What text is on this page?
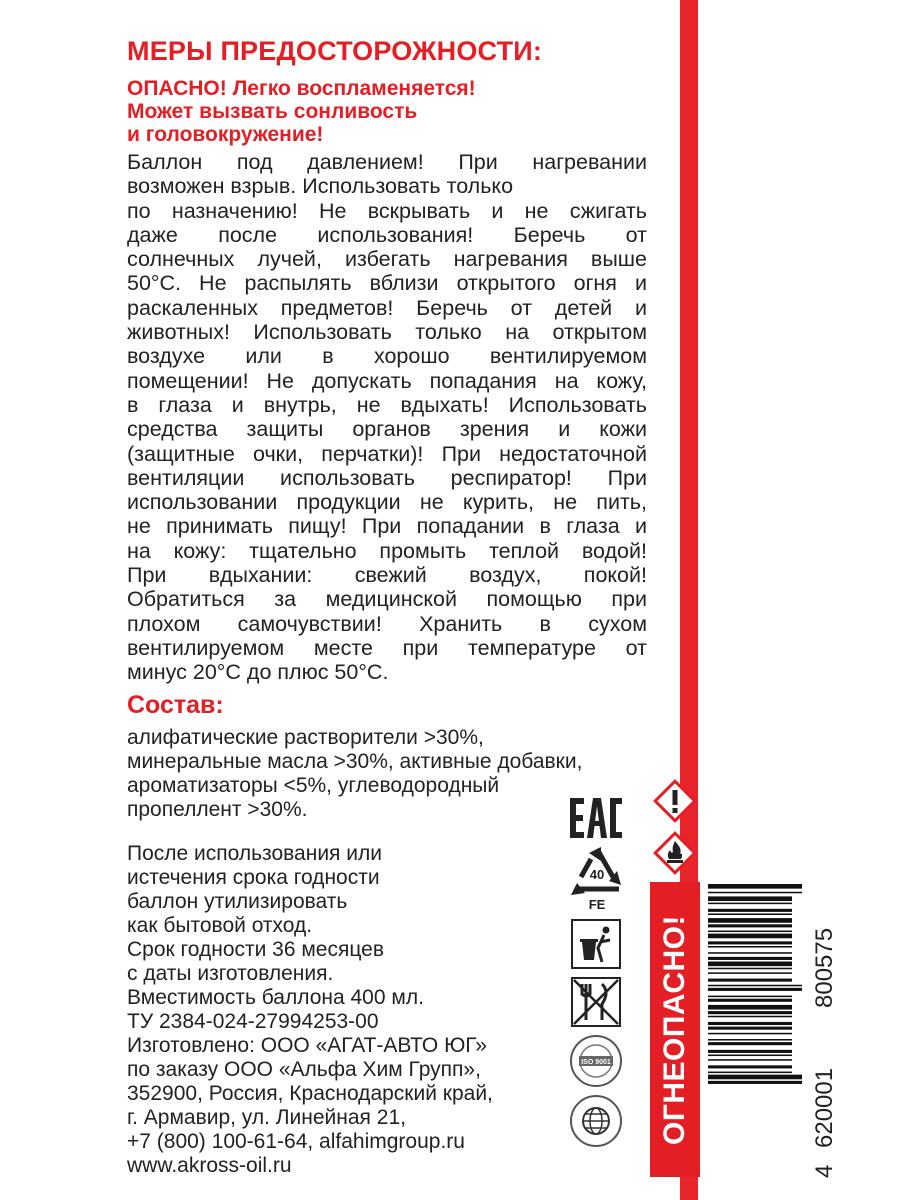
МЕРЫ ПРЕДОСТОРОЖНОСТИ:
ОПАСНО! Легко воспламеняется!
Может вызвать сонливость
и головокружение!
Баллон под давлением! При нагревании
возможен взрыв. Использовать только
по назначению! Не вскрывать и не сжигать
даже после использования! Беречь от
солнечных лучей, избегать нагревания выше
50°С. Не распылять вблизи открытого огня и
раскаленных предметов! Беречь от детей и
животных! Использовать только на открытом
воздухе или в хорошо вентилируемом
помещении! Не допускать попадания на кожу,
в глаза и внутрь, не вдыхать! Использовать
средства защиты органов зрения и кожи
(защитные очки, перчатки)! При недостаточной
вентиляции использовать респиратор! При
использовании продукции не курить, не пить,
не принимать пищу! При попадании в глаза и
на кожу: тщательно промыть теплой водой!
При вдыхании: свежий воздух, покой!
Обратиться за медицинской помощью при
плохом самочувствии! Хранить в сухом
вентилируемом месте при температуре от
минус 20°С до плюс 50°С.
Состав:
алифатические растворители >30%,
минеральные масла >30%, активные добавки,
ароматизаторы <5%, углеводородный
пропеллент >30%.
После использования или
истечения срока годности
баллон утилизировать
как бытовой отход.
Срок годности 36 месяцев
с даты изготовления.
Вместимость баллона 400 мл.
ТУ 2384-024-27994253-00
Изготовлено: ООО «АГАТ-АВТО ЮГ»
по заказу ООО «Альфа Хим Групп»,
352900, Россия, Краснодарский край,
г. Армавир, ул. Линейная 21,
+7 (800) 100-61-64, alfahimgroup.ru
www.akross-oil.ru
40
FE
ISO 9001 ОГНЕОПАСНО!
4
620001
800575
